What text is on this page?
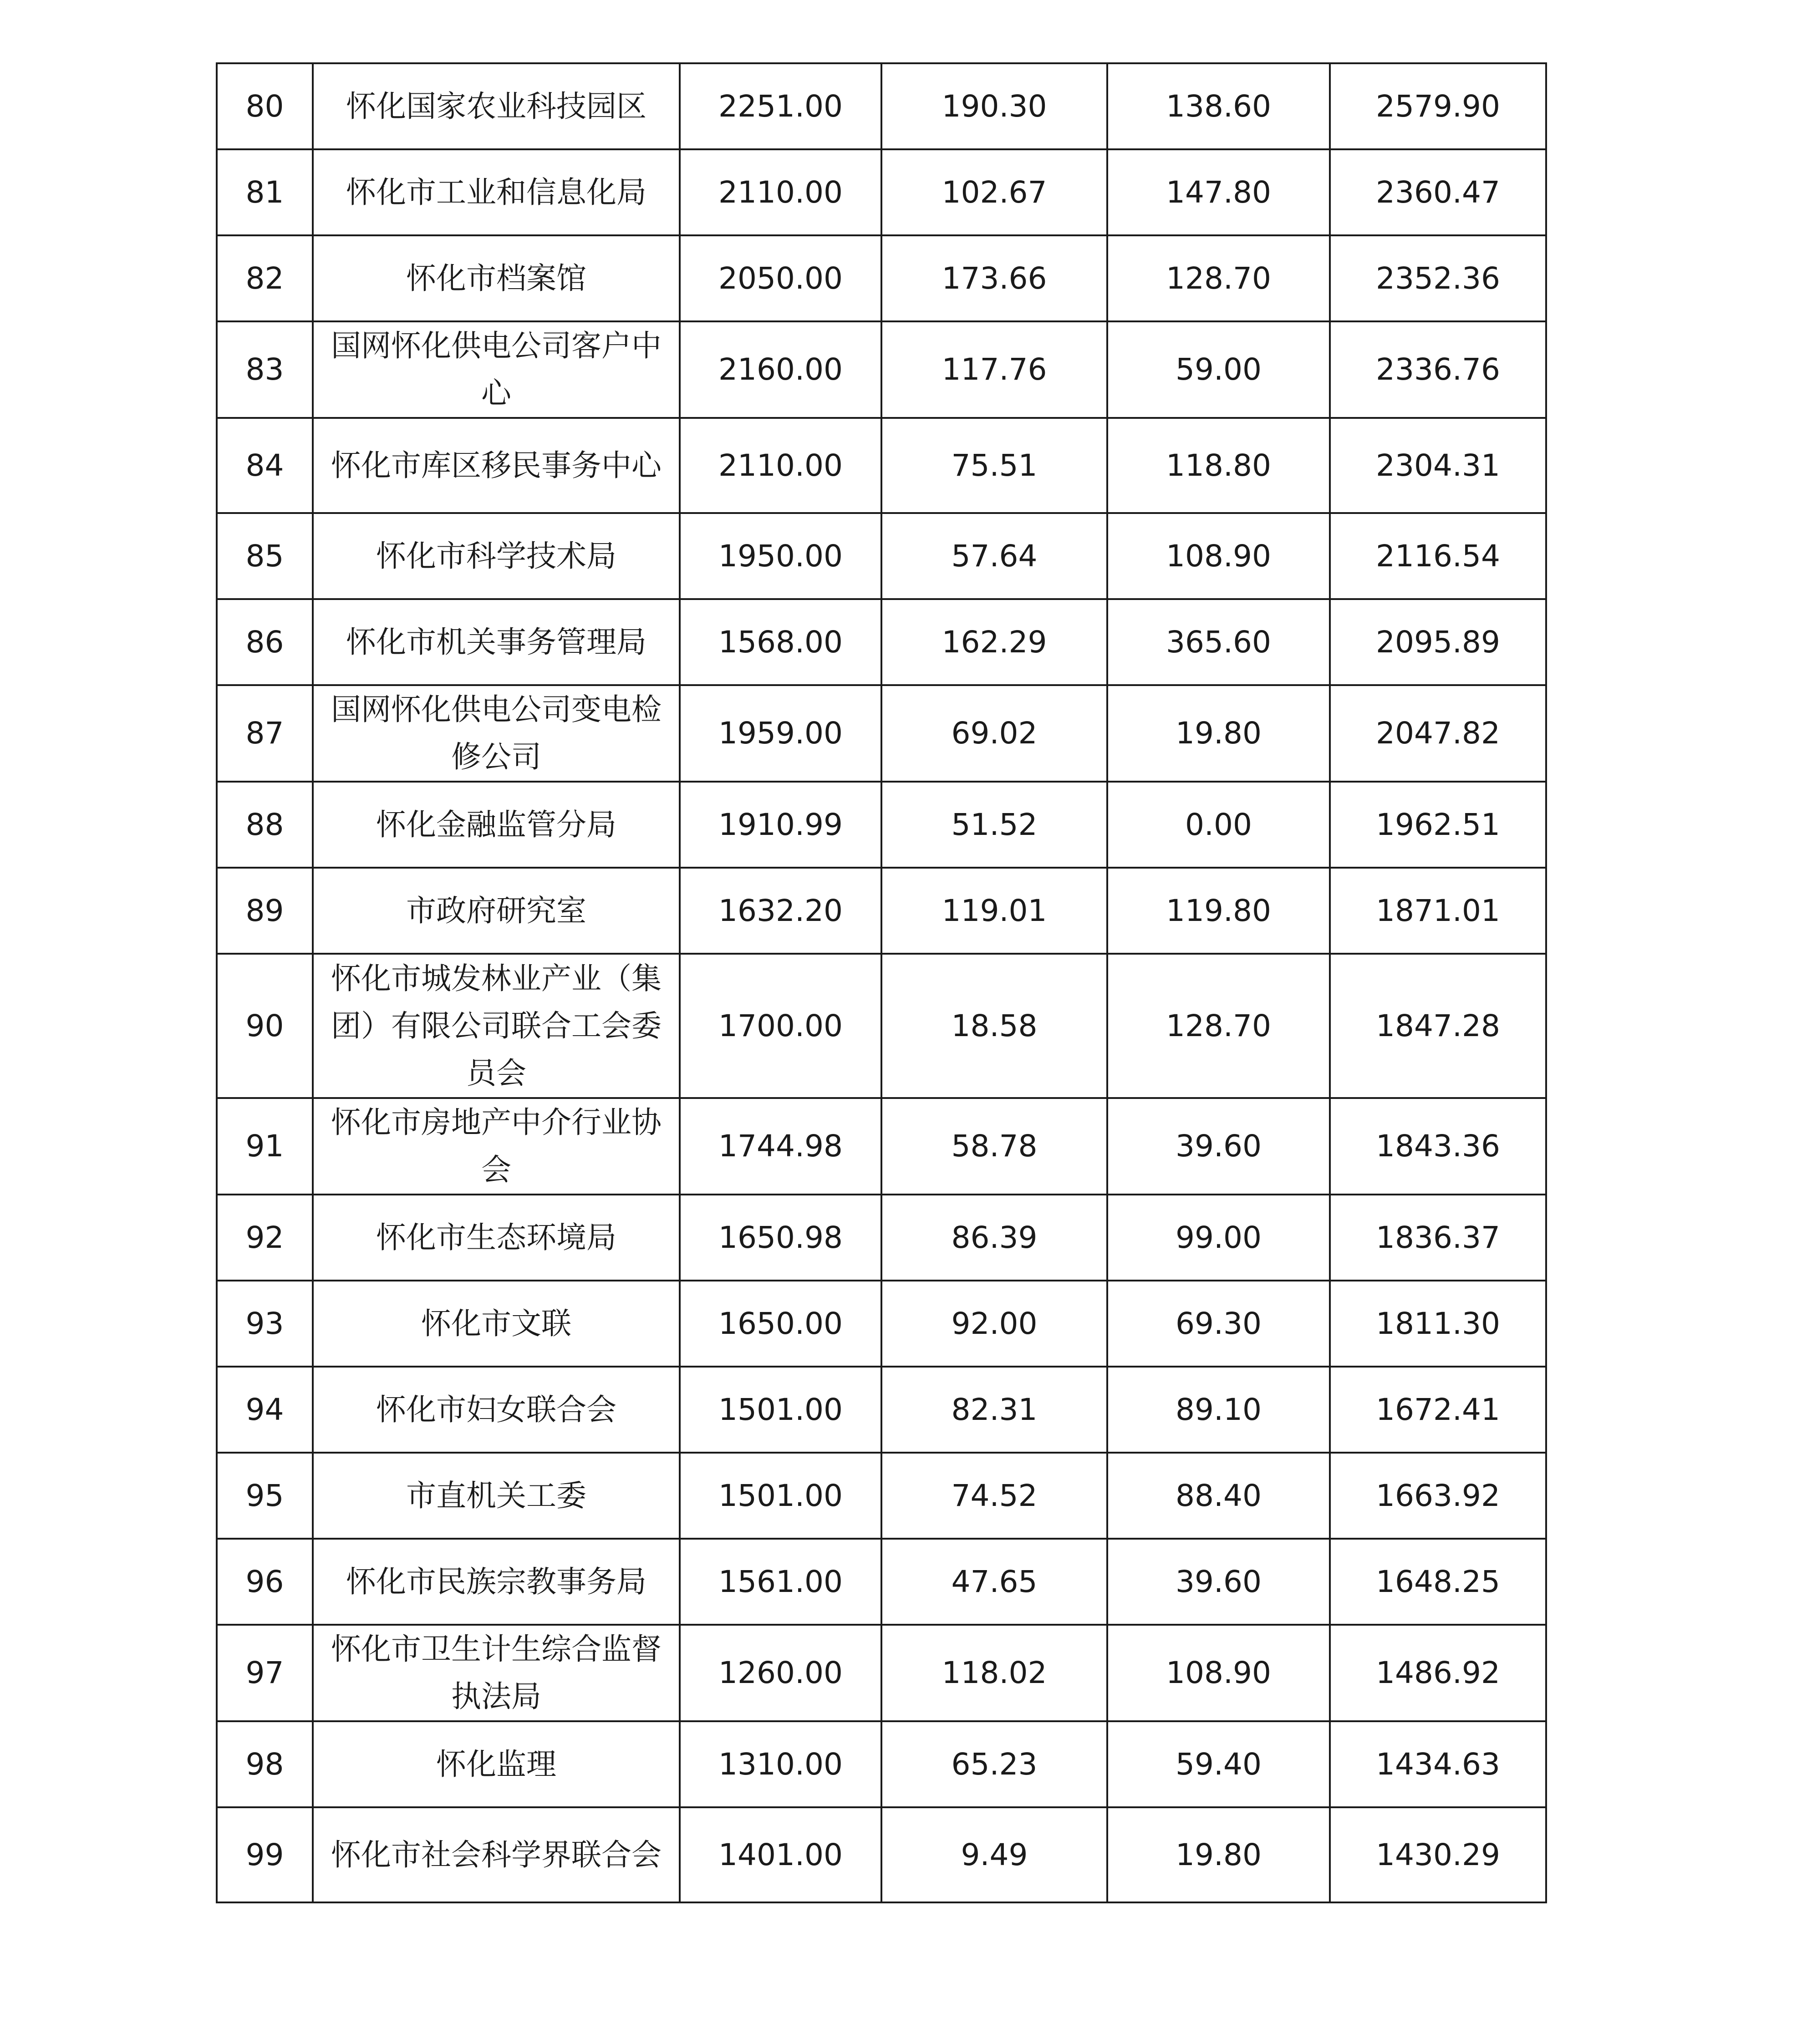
80	怀化国家农业科技园区	2251.00	190.30	138.60	2579.90
81	怀化市工业和信息化局	2110.00	102.67	147.80	2360.47
82	怀化市档案馆	2050.00	173.66	128.70	2352.36
83	国网怀化供电公司客户中心	2160.00	117.76	59.00	2336.76
84	怀化市库区移民事务中心	2110.00	75.51	118.80	2304.31
85	怀化市科学技术局	1950.00	57.64	108.90	2116.54
86	怀化市机关事务管理局	1568.00	162.29	365.60	2095.89
87	国网怀化供电公司变电检修公司	1959.00	69.02	19.80	2047.82
88	怀化金融监管分局	1910.99	51.52	0.00	1962.51
89	市政府研究室	1632.20	119.01	119.80	1871.01
90	怀化市城发林业产业（集团）有限公司联合工会委员会	1700.00	18.58	128.70	1847.28
91	怀化市房地产中介行业协会	1744.98	58.78	39.60	1843.36
92	怀化市生态环境局	1650.98	86.39	99.00	1836.37
93	怀化市文联	1650.00	92.00	69.30	1811.30
94	怀化市妇女联合会	1501.00	82.31	89.10	1672.41
95	市直机关工委	1501.00	74.52	88.40	1663.92
96	怀化市民族宗教事务局	1561.00	47.65	39.60	1648.25
97	怀化市卫生计生综合监督执法局	1260.00	118.02	108.90	1486.92
98	怀化监理	1310.00	65.23	59.40	1434.63
99	怀化市社会科学界联合会	1401.00	9.49	19.80	1430.29
